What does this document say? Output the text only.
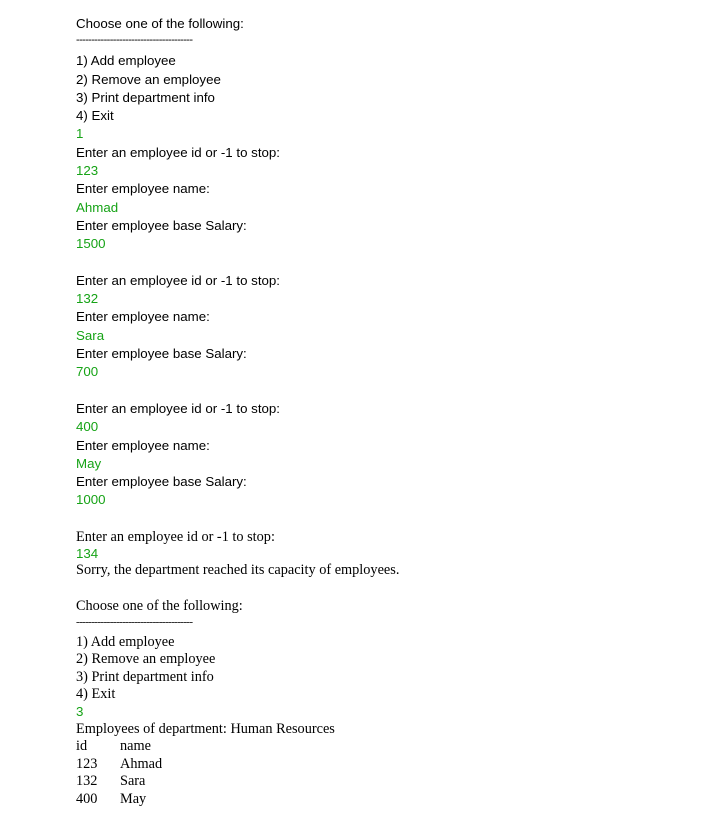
Choose one of the following:
--------------------------------------
1) Add employee
2) Remove an employee
3) Print department info
4) Exit
1
Enter an employee id or -1 to stop:
123
Enter employee name:
Ahmad
Enter employee base Salary:
1500
Enter an employee id or -1 to stop:
132
Enter employee name:
Sara
Enter employee base Salary:
700
Enter an employee id or -1 to stop:
400
Enter employee name:
May
Enter employee base Salary:
1000
Enter an employee id or -1 to stop:
134
Sorry, the department reached its capacity of employees.
Choose one of the following:
--------------------------------------
1) Add employee
2) Remove an employee
3) Print department info
4) Exit
3
Employees of department: Human Resources
id	name
123	Ahmad
132	Sara
400	May
